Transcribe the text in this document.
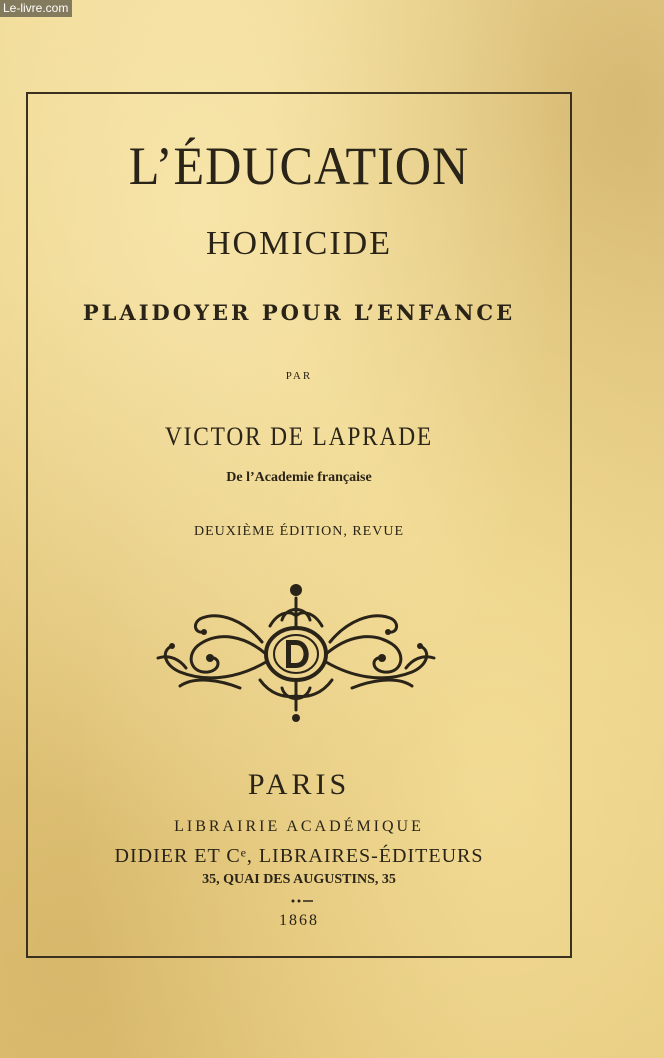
Le-livre.com
L’ÉDUCATION
HOMICIDE
PLAIDOYER POUR L’ENFANCE
PAR
VICTOR DE LAPRADE
De l’Academie française
DEUXIÈME ÉDITION, REVUE
PARIS
LIBRAIRIE ACADÉMIQUE
DIDIER ET Cᵉ, LIBRAIRES-ÉDITEURS
35, QUAI DES AUGUSTINS, 35
1868
